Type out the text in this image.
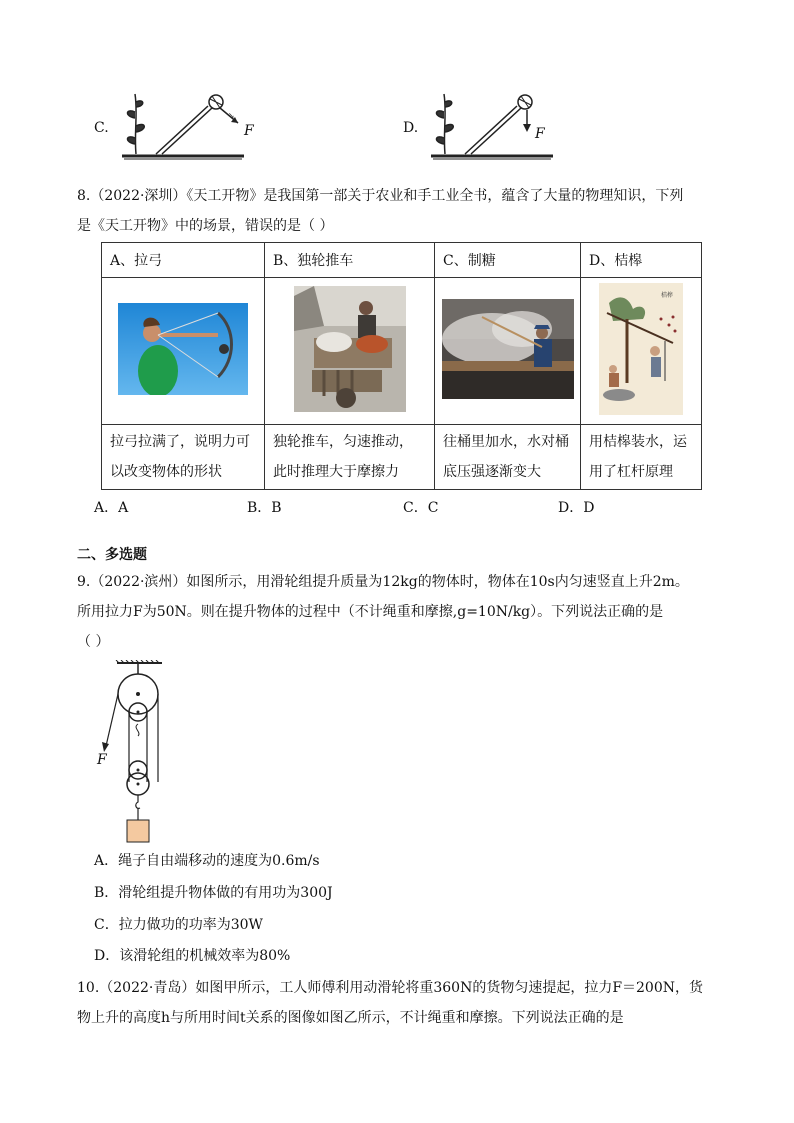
C.
↘
F	D.	F
8.（2022·深圳）《天工开物》是我国第一部关于农业和手工业全书，蕴含了大量的物理知识，下列
是《天工开物》中的场景，错误的是（ ）
A、拉弓	B、独轮推车	C、制糖	D、桔槔

桔槔

拉弓拉满了，说明力可以改变物体的形状	独轮推车，匀速推动，此时推理大于摩擦力	往桶里加水，水对桶底压强逐渐变大	用桔槔装水，运用了杠杆原理
A．A	B．B	C．C	D．D
二、多选题
9.（2022·滨州）如图所示，用滑轮组提升质量为12kg的物体时，物体在10s内匀速竖直上升2m。
所用拉力F为50N。则在提升物体的过程中（不计绳重和摩擦,g=10N/kg）。下列说法正确的是
（ ）
F
A．绳子自由端移动的速度为0.6m/s
B．滑轮组提升物体做的有用功为300J
C．拉力做功的功率为30W
D．该滑轮组的机械效率为80%
10.（2022·青岛）如图甲所示，工人师傅利用动滑轮将重360N的货物匀速提起，拉力F＝200N，货
物上升的高度h与所用时间t关系的图像如图乙所示，不计绳重和摩擦。下列说法正确的是
